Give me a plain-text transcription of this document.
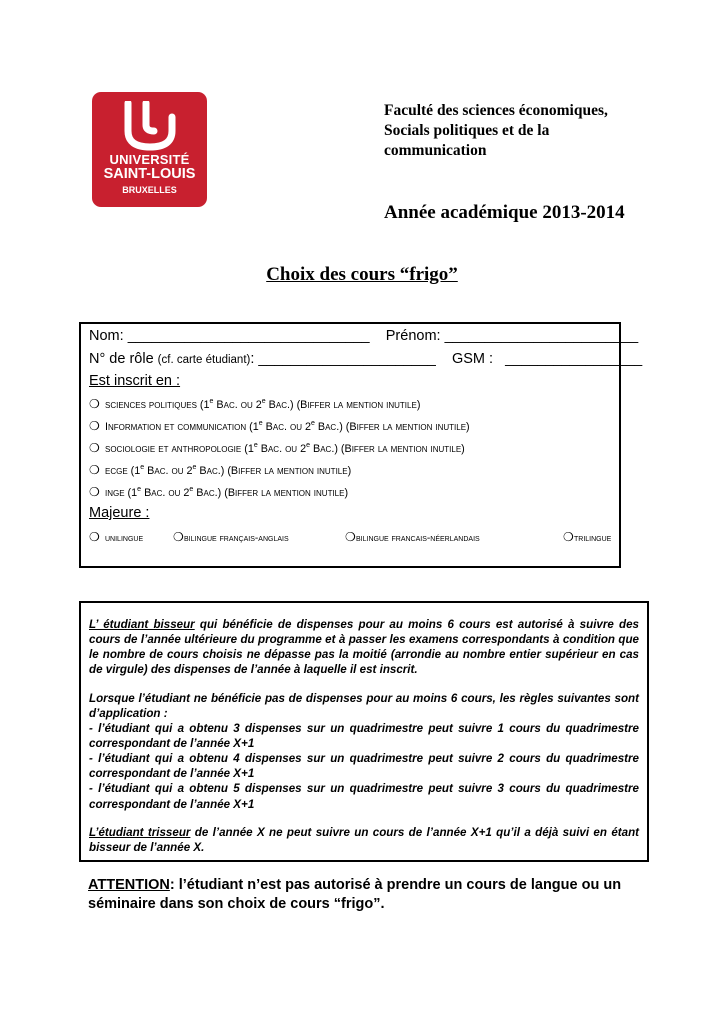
UNIVERSITÉ
SAINT-LOUIS
BRUXELLES
Faculté des sciences économiques,
Socials politiques et de la
communication
Année académique 2013-2014
Choix des cours “frigo”
Nom: ______________________________ Prénom: ________________________
N° de rôle (cf. carte étudiant): ______________________ GSM : _________________
Est inscrit en :
❍ sciences politiques (1e Bac. ou 2e Bac.) (Biffer la mention inutile)
❍ Information et communication (1e Bac. ou 2e Bac.) (Biffer la mention inutile)
❍ sociologie et anthropologie (1e Bac. ou 2e Bac.) (Biffer la mention inutile)
❍ ecge (1e Bac. ou 2e Bac.) (Biffer la mention inutile)
❍ inge (1e Bac. ou 2e Bac.) (Biffer la mention inutile)
Majeure :
❍ unilingue ❍bilingue français-anglais	❍bilingue francais-néerlandais	❍trilingue

L’ étudiant bisseur qui bénéficie de dispenses pour au moins 6 cours est autorisé à suivre des cours de l’année ultérieure du programme et à passer les examens correspondants à condition que le nombre de cours choisis ne dépasse pas la moitié (arrondie au nombre entier supérieur en cas de virgule) des dispenses de l’année à laquelle il est inscrit.

Lorsque l’étudiant ne bénéficie pas de dispenses pour au moins 6 cours, les règles suivantes sont d’application :
- l’étudiant qui a obtenu 3 dispenses sur un quadrimestre peut suivre 1 cours du quadrimestre correspondant de l’année X+1
- l’étudiant qui a obtenu 4 dispenses sur un quadrimestre peut suivre 2 cours du quadrimestre correspondant de l’année X+1
- l’étudiant qui a obtenu 5 dispenses sur un quadrimestre peut suivre 3 cours du quadrimestre correspondant de l’année X+1

L’étudiant trisseur de l’année X ne peut suivre un cours de l’année X+1 qu’il a déjà suivi en étant bisseur de l’année X.

ATTENTION: l’étudiant n’est pas autorisé à prendre un cours de langue ou un séminaire dans son choix de cours “frigo”.
